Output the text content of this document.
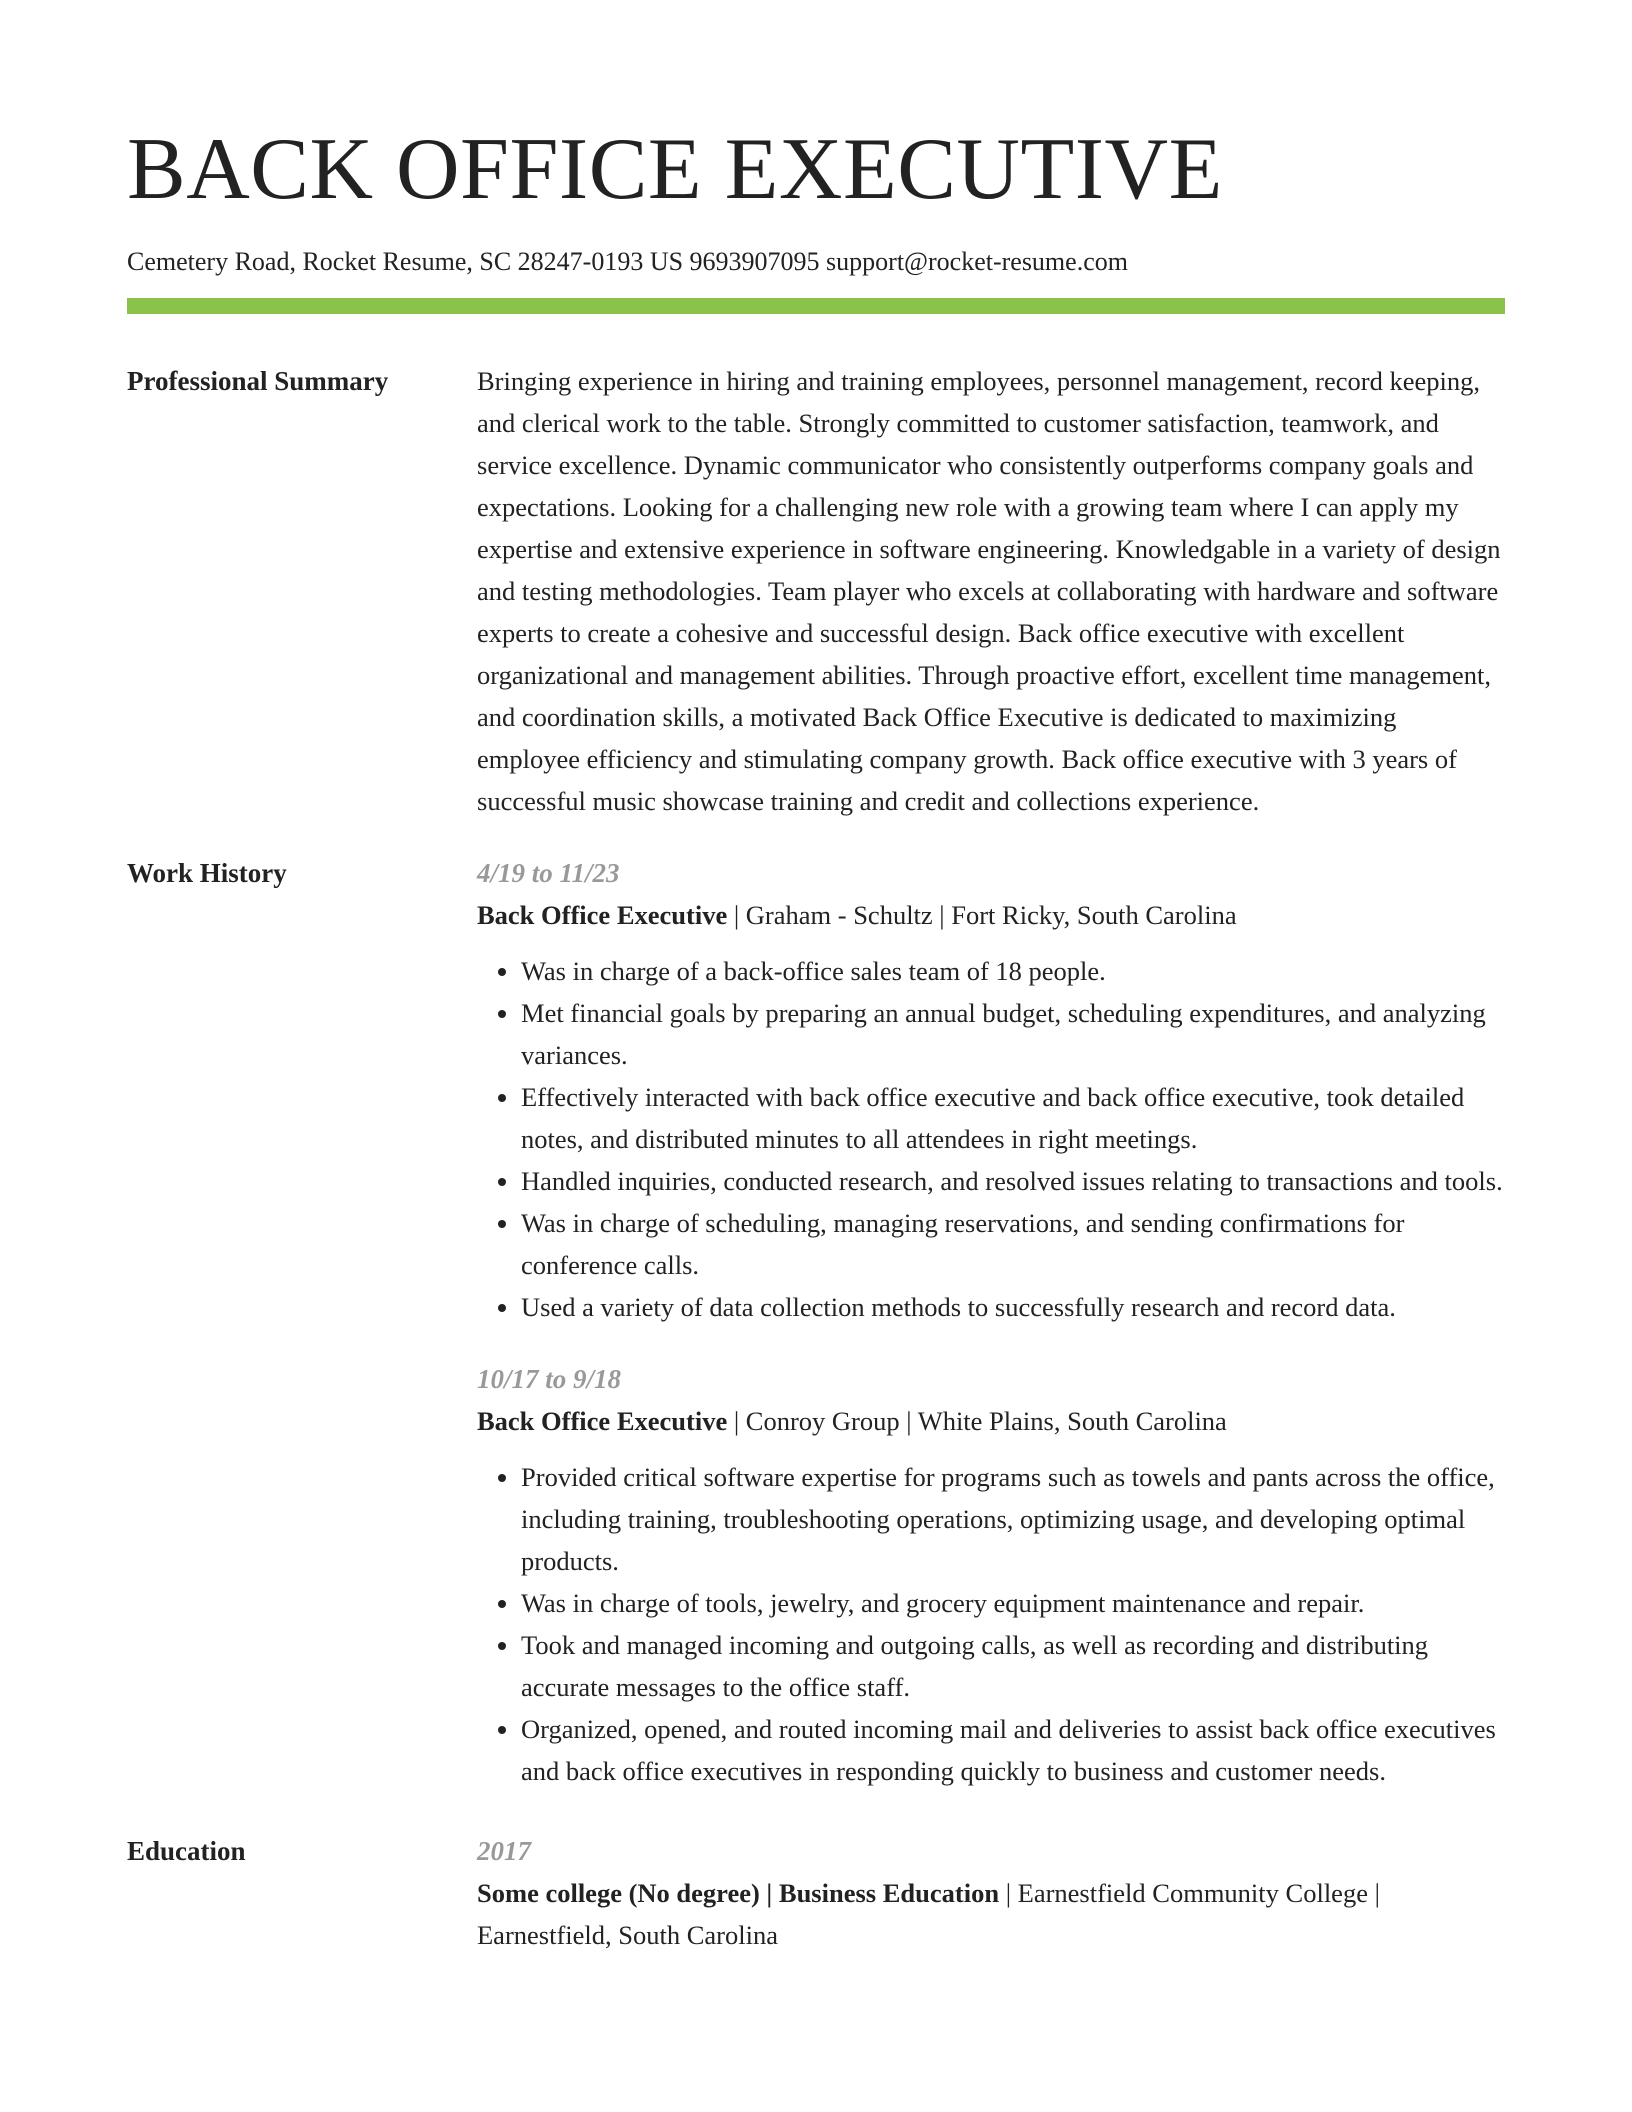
BACK OFFICE EXECUTIVE
Cemetery Road, Rocket Resume, SC 28247-0193 US 9693907095 support@rocket-resume.com
Professional Summary	Bringing experience in hiring and training employees, personnel management, record keeping, and clerical work to the table. Strongly committed to customer satisfaction, teamwork, and service excellence. Dynamic communicator who consistently outperforms company goals and expectations. Looking for a challenging new role with a growing team where I can apply my expertise and extensive experience in software engineering. Knowledgable in a variety of design and testing methodologies. Team player who excels at collaborating with hardware and software experts to create a cohesive and successful design. Back office executive with excellent organizational and management abilities. Through proactive effort, excellent time management, and coordination skills, a motivated Back Office Executive is dedicated to maximizing employee efficiency and stimulating company growth. Back office executive with 3 years of successful music showcase training and credit and collections experience.
Work History	4/19 to 11/23
Back Office Executive | Graham - Schultz | Fort Ricky, South Carolina
• Was in charge of a back-office sales team of 18 people.
• Met financial goals by preparing an annual budget, scheduling expenditures, and analyzing variances.
• Effectively interacted with back office executive and back office executive, took detailed notes, and distributed minutes to all attendees in right meetings.
• Handled inquiries, conducted research, and resolved issues relating to transactions and tools.
• Was in charge of scheduling, managing reservations, and sending confirmations for conference calls.
• Used a variety of data collection methods to successfully research and record data.
10/17 to 9/18
Back Office Executive | Conroy Group | White Plains, South Carolina
• Provided critical software expertise for programs such as towels and pants across the office, including training, troubleshooting operations, optimizing usage, and developing optimal products.
• Was in charge of tools, jewelry, and grocery equipment maintenance and repair.
• Took and managed incoming and outgoing calls, as well as recording and distributing accurate messages to the office staff.
• Organized, opened, and routed incoming mail and deliveries to assist back office executives and back office executives in responding quickly to business and customer needs.
Education	2017
Some college (No degree) | Business Education | Earnestfield Community College | Earnestfield, South Carolina
